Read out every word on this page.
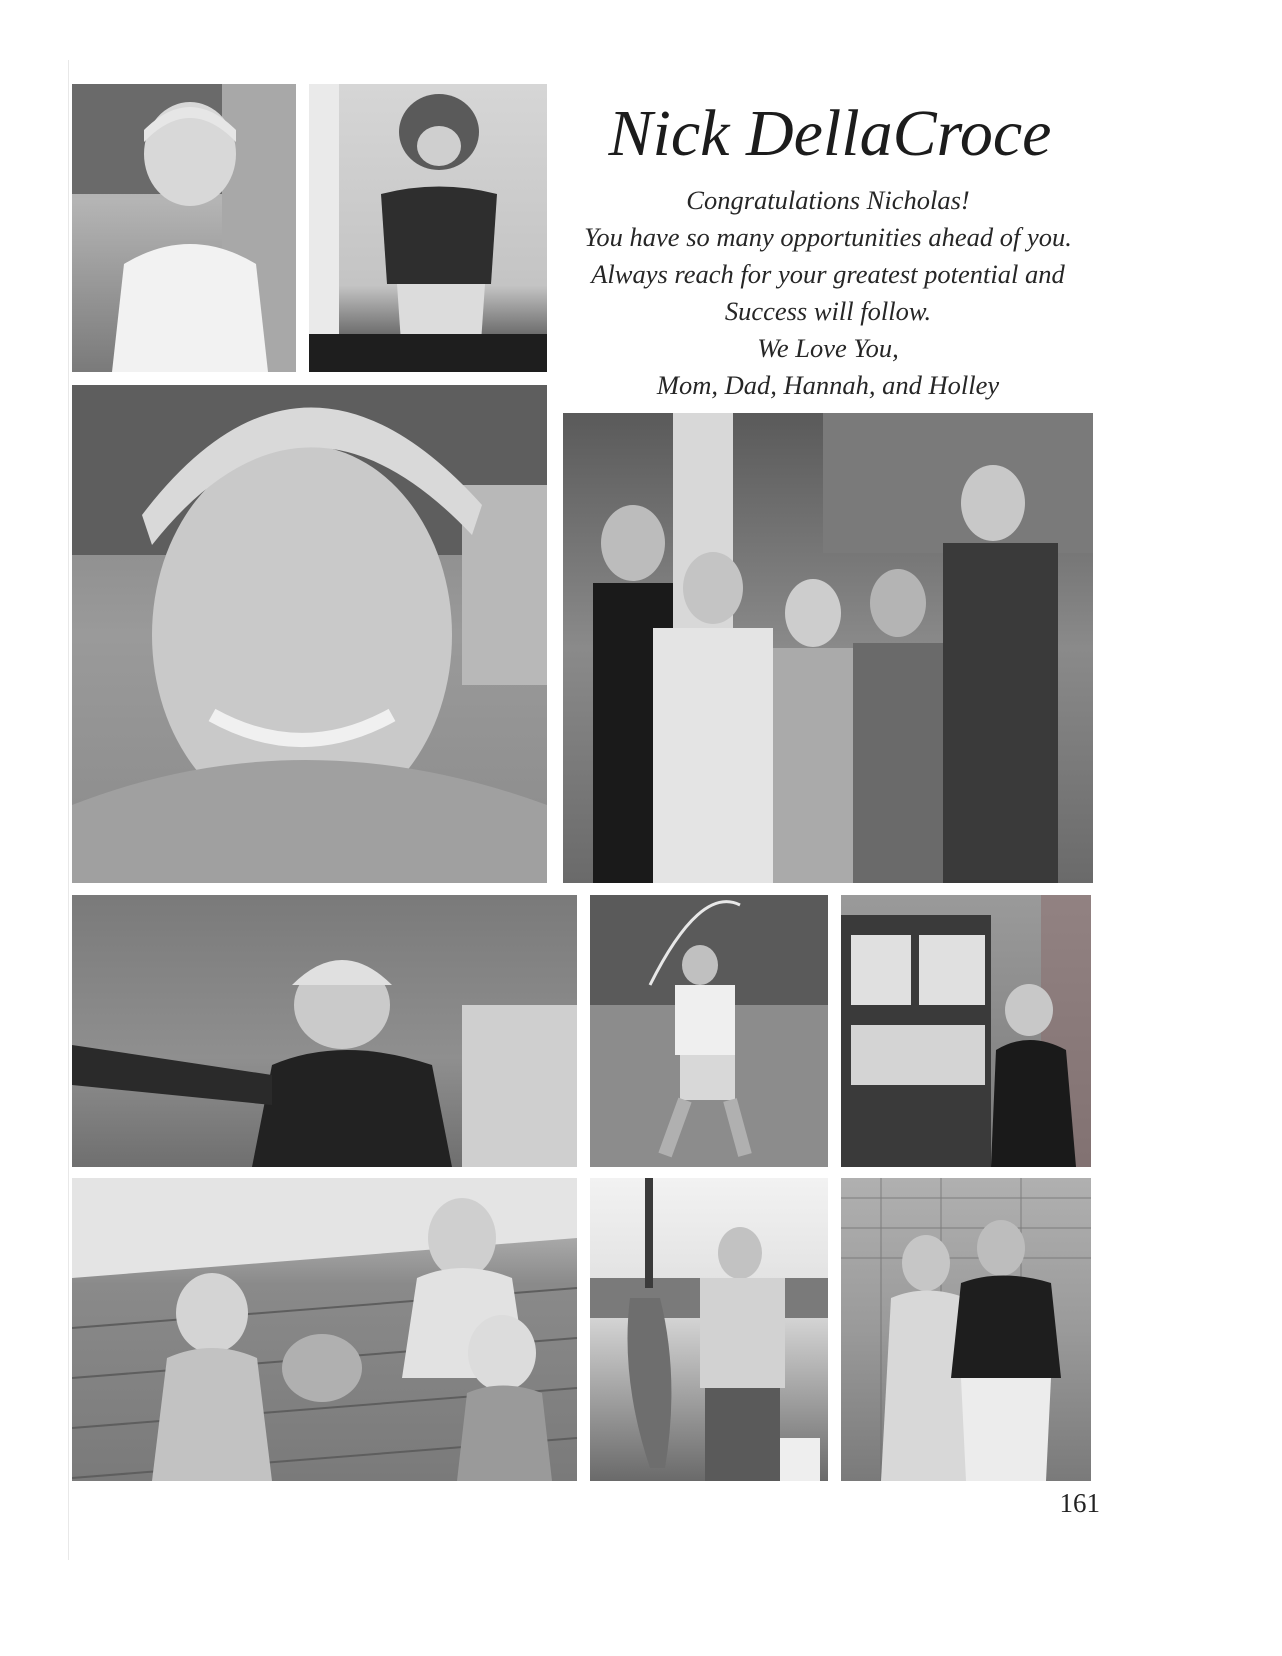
Nick DellaCroce
Congratulations Nicholas!
You have so many opportunities ahead of you.
Always reach for your greatest potential and
Success will follow.
We Love You,
Mom, Dad, Hannah, and Holley
161
